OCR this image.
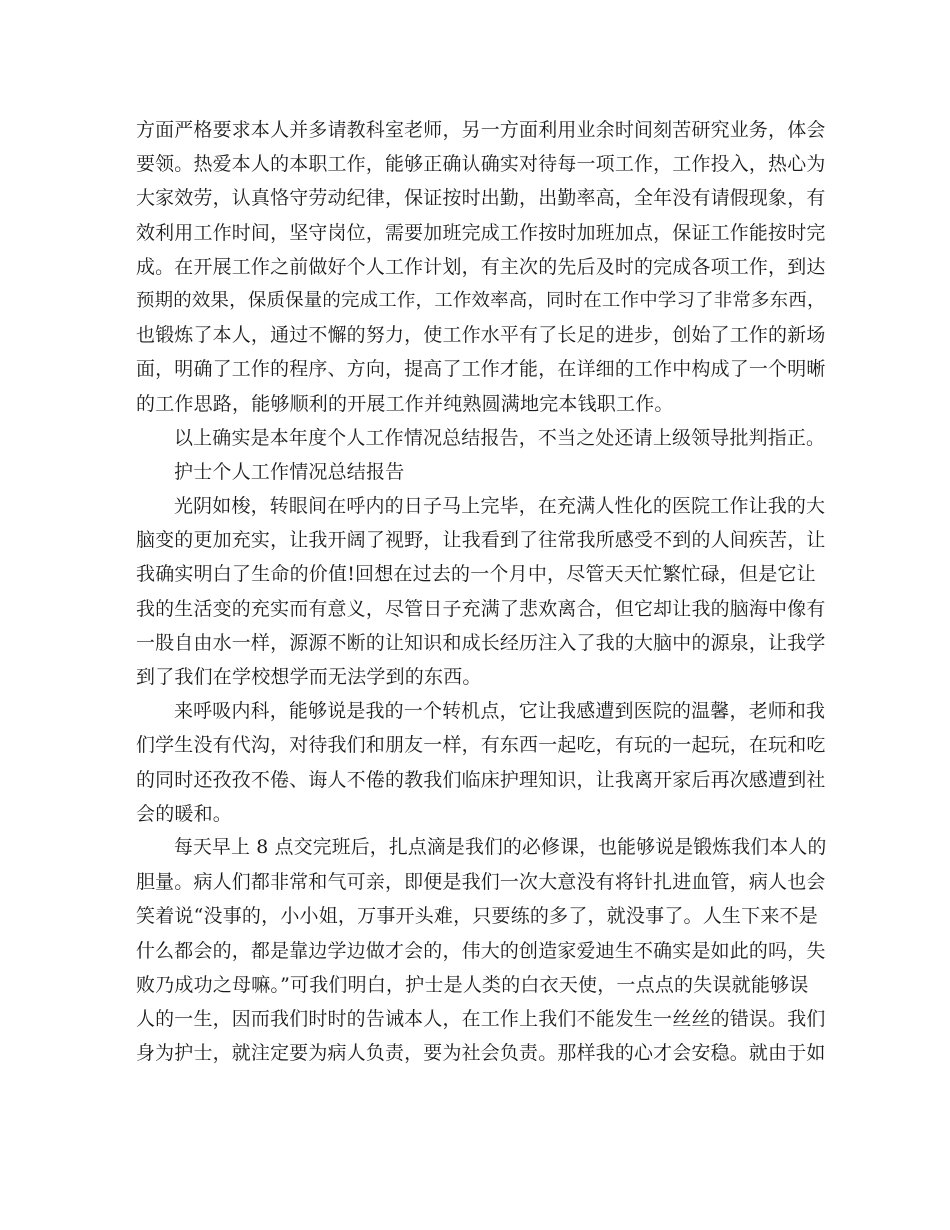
方面严格要求本人并多请教科室老师，另一方面利用业余时间刻苦研究业务，体会
要领。热爱本人的本职工作，能够正确认确实对待每一项工作，工作投入，热心为
大家效劳，认真恪守劳动纪律，保证按时出勤，出勤率高，全年没有请假现象，有
效利用工作时间，坚守岗位，需要加班完成工作按时加班加点，保证工作能按时完
成。在开展工作之前做好个人工作计划，有主次的先后及时的完成各项工作，到达
预期的效果，保质保量的完成工作，工作效率高，同时在工作中学习了非常多东西，
也锻炼了本人，通过不懈的努力，使工作水平有了长足的进步，创始了工作的新场
面，明确了工作的程序、方向，提高了工作才能，在详细的工作中构成了一个明晰
的工作思路，能够顺利的开展工作并纯熟圆满地完本钱职工作。
以上确实是本年度个人工作情况总结报告，不当之处还请上级领导批判指正。
护士个人工作情况总结报告
光阴如梭，转眼间在呼内的日子马上完毕，在充满人性化的医院工作让我的大
脑变的更加充实，让我开阔了视野，让我看到了往常我所感受不到的人间疾苦，让
我确实明白了生命的价值!回想在过去的一个月中，尽管天天忙繁忙碌，但是它让
我的生活变的充实而有意义，尽管日子充满了悲欢离合，但它却让我的脑海中像有
一股自由水一样，源源不断的让知识和成长经历注入了我的大脑中的源泉，让我学
到了我们在学校想学而无法学到的东西。
来呼吸内科，能够说是我的一个转机点，它让我感遭到医院的温馨，老师和我
们学生没有代沟，对待我们和朋友一样，有东西一起吃，有玩的一起玩，在玩和吃
的同时还孜孜不倦、诲人不倦的教我们临床护理知识，让我离开家后再次感遭到社
会的暖和。
每天早上 8 点交完班后，扎点滴是我们的必修课，也能够说是锻炼我们本人的
胆量。病人们都非常和气可亲，即便是我们一次大意没有将针扎进血管，病人也会
笑着说“没事的，小小姐，万事开头难，只要练的多了，就没事了。人生下来不是
什么都会的，都是靠边学边做才会的，伟大的创造家爱迪生不确实是如此的吗，失
败乃成功之母嘛。”可我们明白，护士是人类的白衣天使，一点点的失误就能够误
人的一生，因而我们时时的告诫本人，在工作上我们不能发生一丝丝的错误。我们
身为护士，就注定要为病人负责，要为社会负责。那样我的心才会安稳。就由于如
